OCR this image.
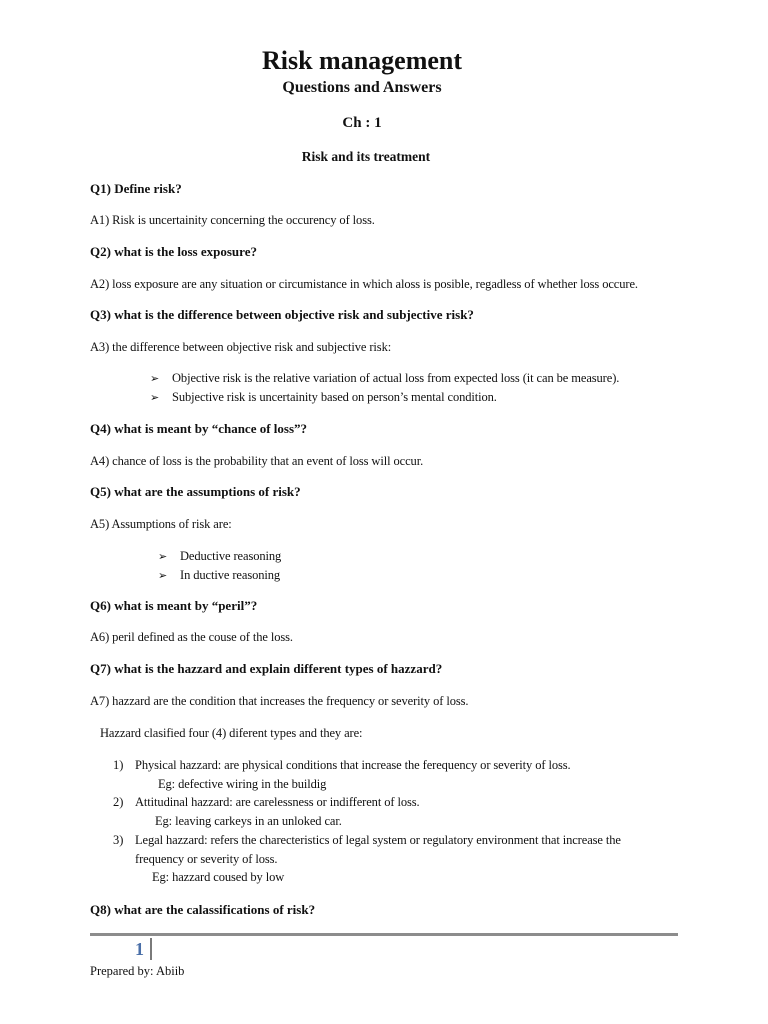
Risk management
Questions and Answers
Ch : 1
Risk and its treatment
Q1) Define risk?
A1) Risk is uncertainity concerning the occurency of loss.
Q2) what is the loss exposure?
A2) loss exposure are any situation or circumistance in which aloss is posible, regadless of whether loss occure.
Q3) what is the difference between objective risk and subjective risk?
A3) the difference between objective risk and subjective risk:
➢ Objective risk is the relative variation of actual loss from expected loss (it can be measure).
➢ Subjective risk is uncertainity based on person’s mental condition.
Q4) what is meant by “chance of loss”?
A4) chance of loss is the probability that an event of loss will occur.
Q5) what are the assumptions of risk?
A5) Assumptions of risk are:
➢ Deductive reasoning
➢ In ductive reasoning
Q6) what is meant by “peril”?
A6) peril defined as the couse of the loss.
Q7) what is the hazzard and explain different types of hazzard?
A7) hazzard are the condition that increases the frequency or severity of loss.
Hazzard clasified four (4) diferent types and they are:
1) Physical hazzard: are physical conditions that increase the ferequency or severity of loss.
Eg: defective wiring in the buildig
2) Attitudinal hazzard: are carelessness or indifferent of loss.
Eg: leaving carkeys in an unloked car.
3) Legal hazzard: refers the charecteristics of legal system or regulatory environment that increase the
frequency or severity of loss.
Eg: hazzard coused by low
Q8) what are the calassifications of risk?
1
Prepared by: Abiib
